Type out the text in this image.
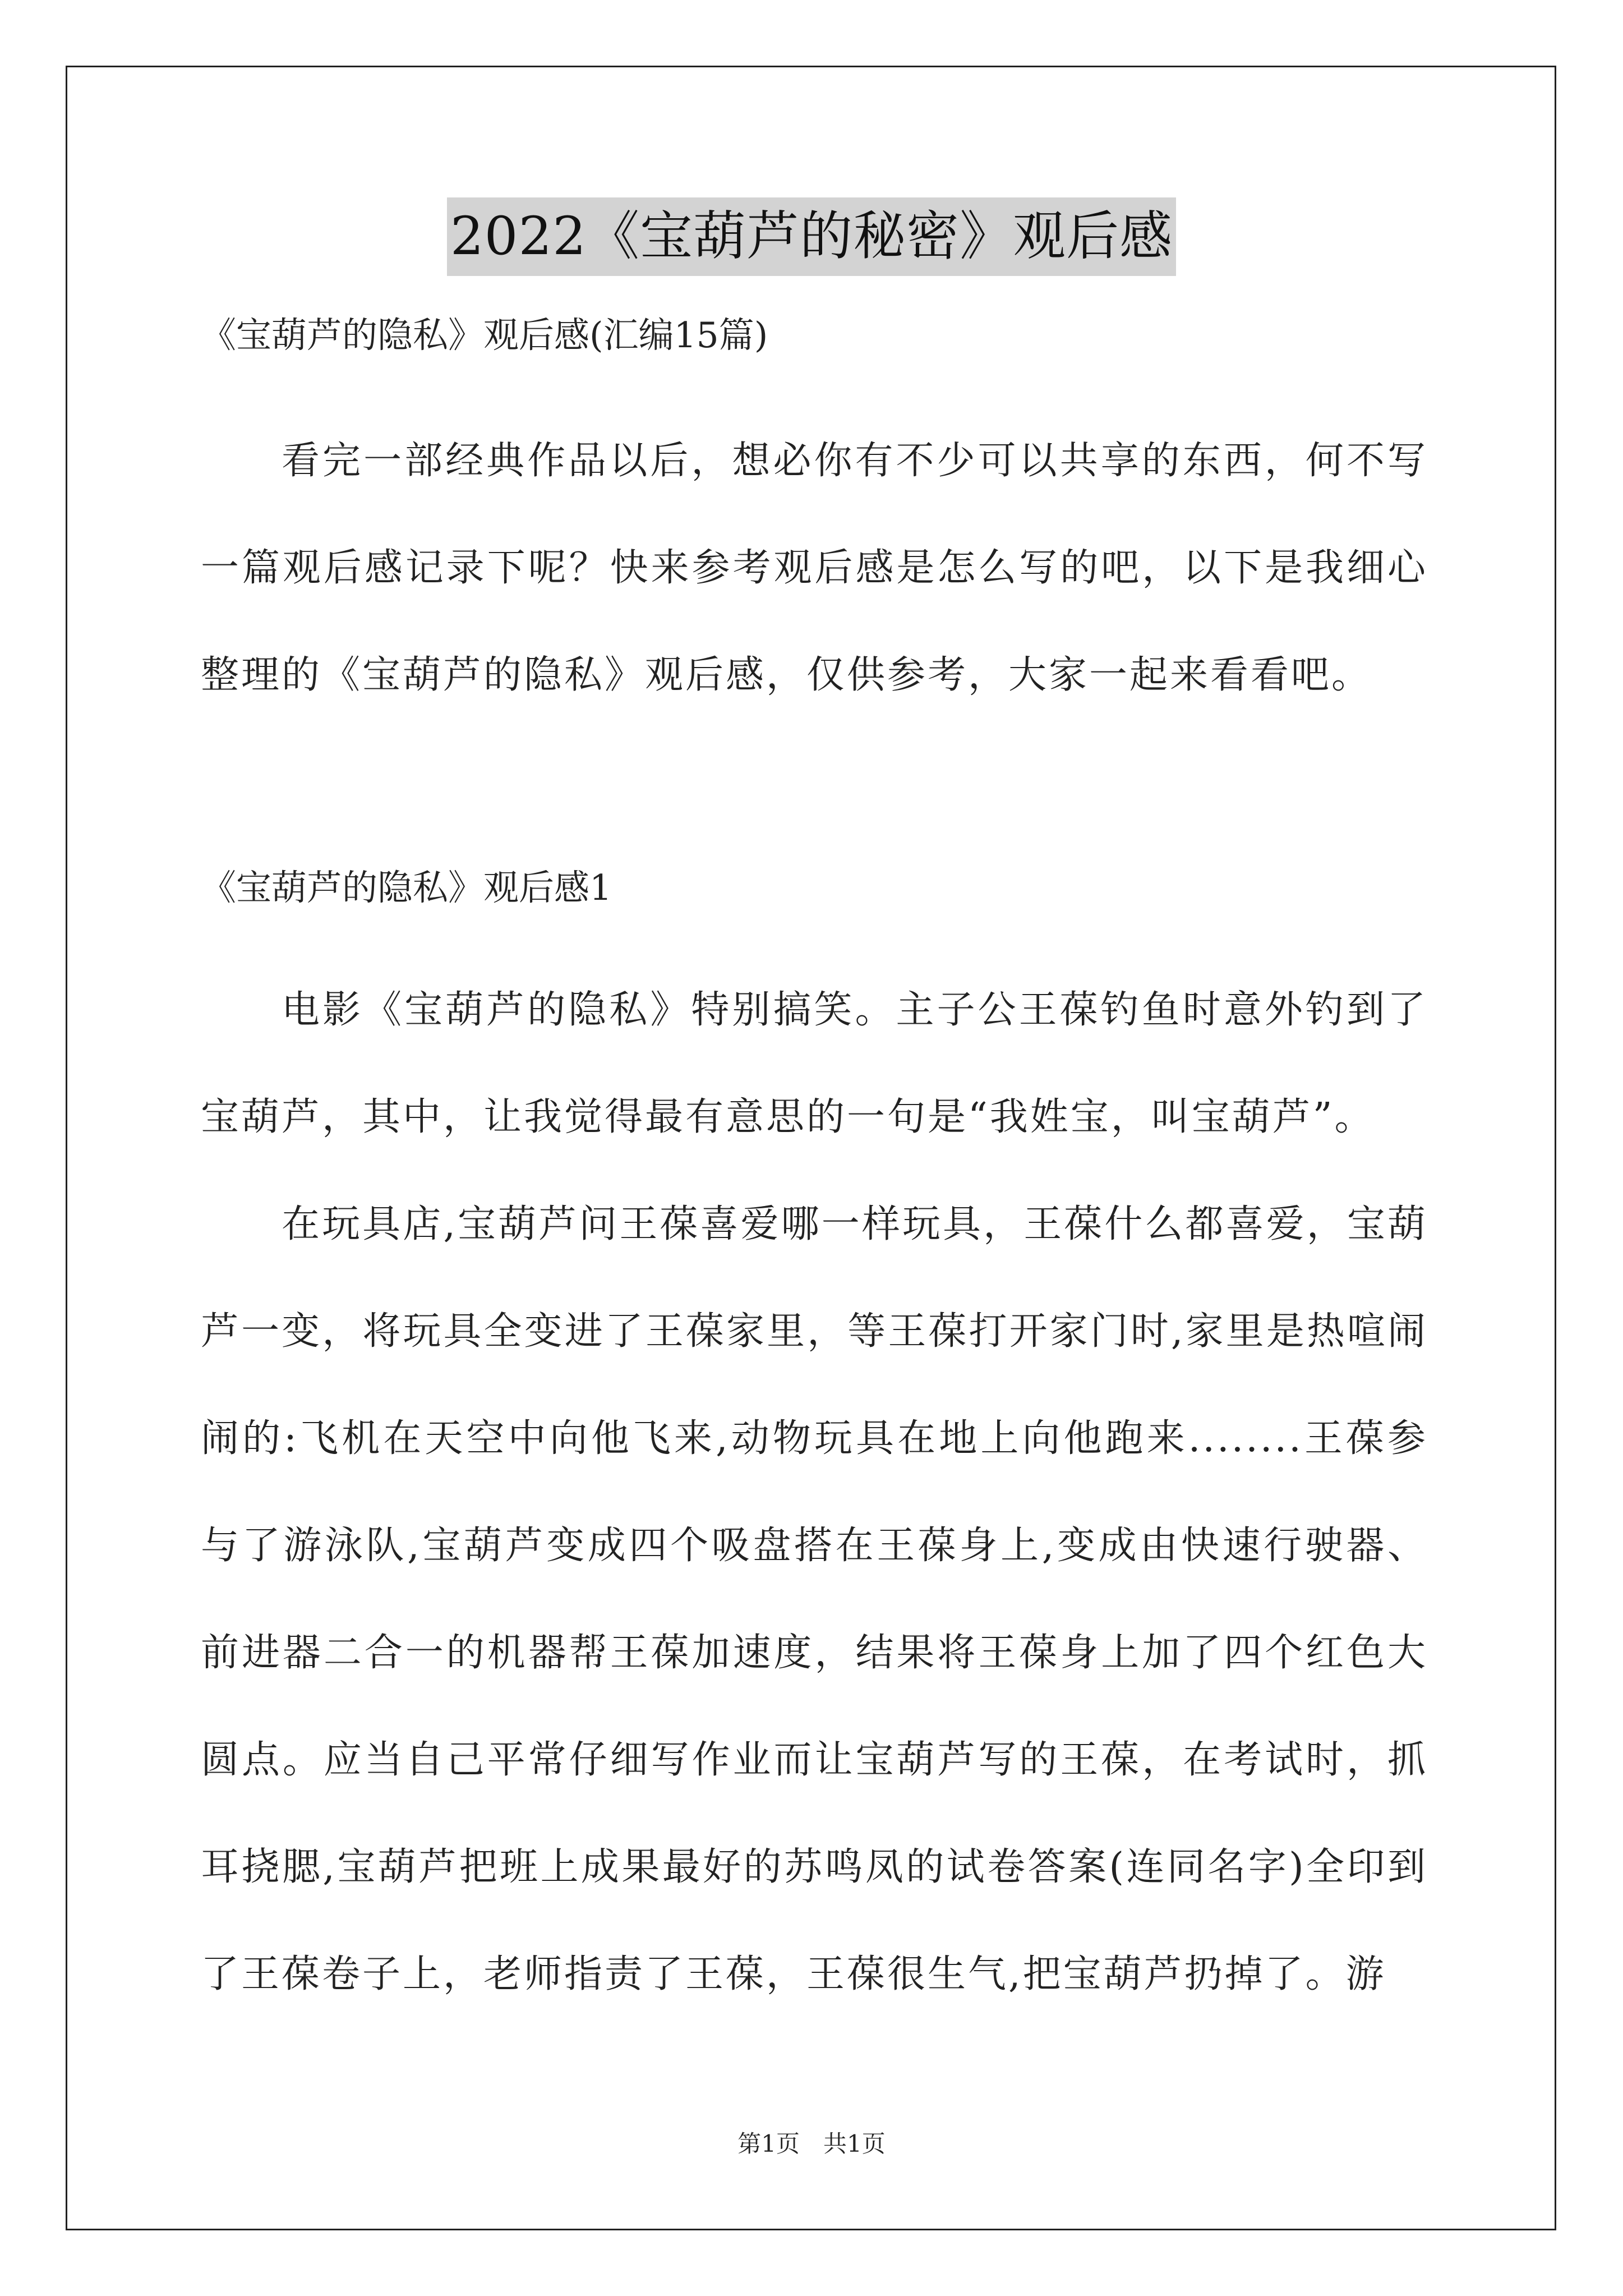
2022《宝葫芦的秘密》观后感

《宝葫芦的隐私》观后感(汇编15篇)

看完一部经典作品以后，想必你有不少可以共享的东西，何不写一篇观后感记录下呢？快来参考观后感是怎么写的吧，以下是我细心整理的《宝葫芦的隐私》观后感，仅供参考，大家一起来看看吧。

《宝葫芦的隐私》观后感1

电影《宝葫芦的隐私》特别搞笑。主子公王葆钓鱼时意外钓到了宝葫芦，其中，让我觉得最有意思的一句是“我姓宝，叫宝葫芦”。

在玩具店,宝葫芦问王葆喜爱哪一样玩具，王葆什么都喜爱，宝葫芦一变，将玩具全变进了王葆家里，等王葆打开家门时,家里是热喧闹闹的:飞机在天空中向他飞来,动物玩具在地上向他跑来........王葆参与了游泳队,宝葫芦变成四个吸盘搭在王葆身上,变成由快速行驶器、前进器二合一的机器帮王葆加速度，结果将王葆身上加了四个红色大圆点。应当自己平常仔细写作业而让宝葫芦写的王葆，在考试时，抓耳挠腮,宝葫芦把班上成果最好的苏鸣凤的试卷答案(连同名字)全印到了王葆卷子上，老师指责了王葆，王葆很生气,把宝葫芦扔掉了。游

第1页　共1页
